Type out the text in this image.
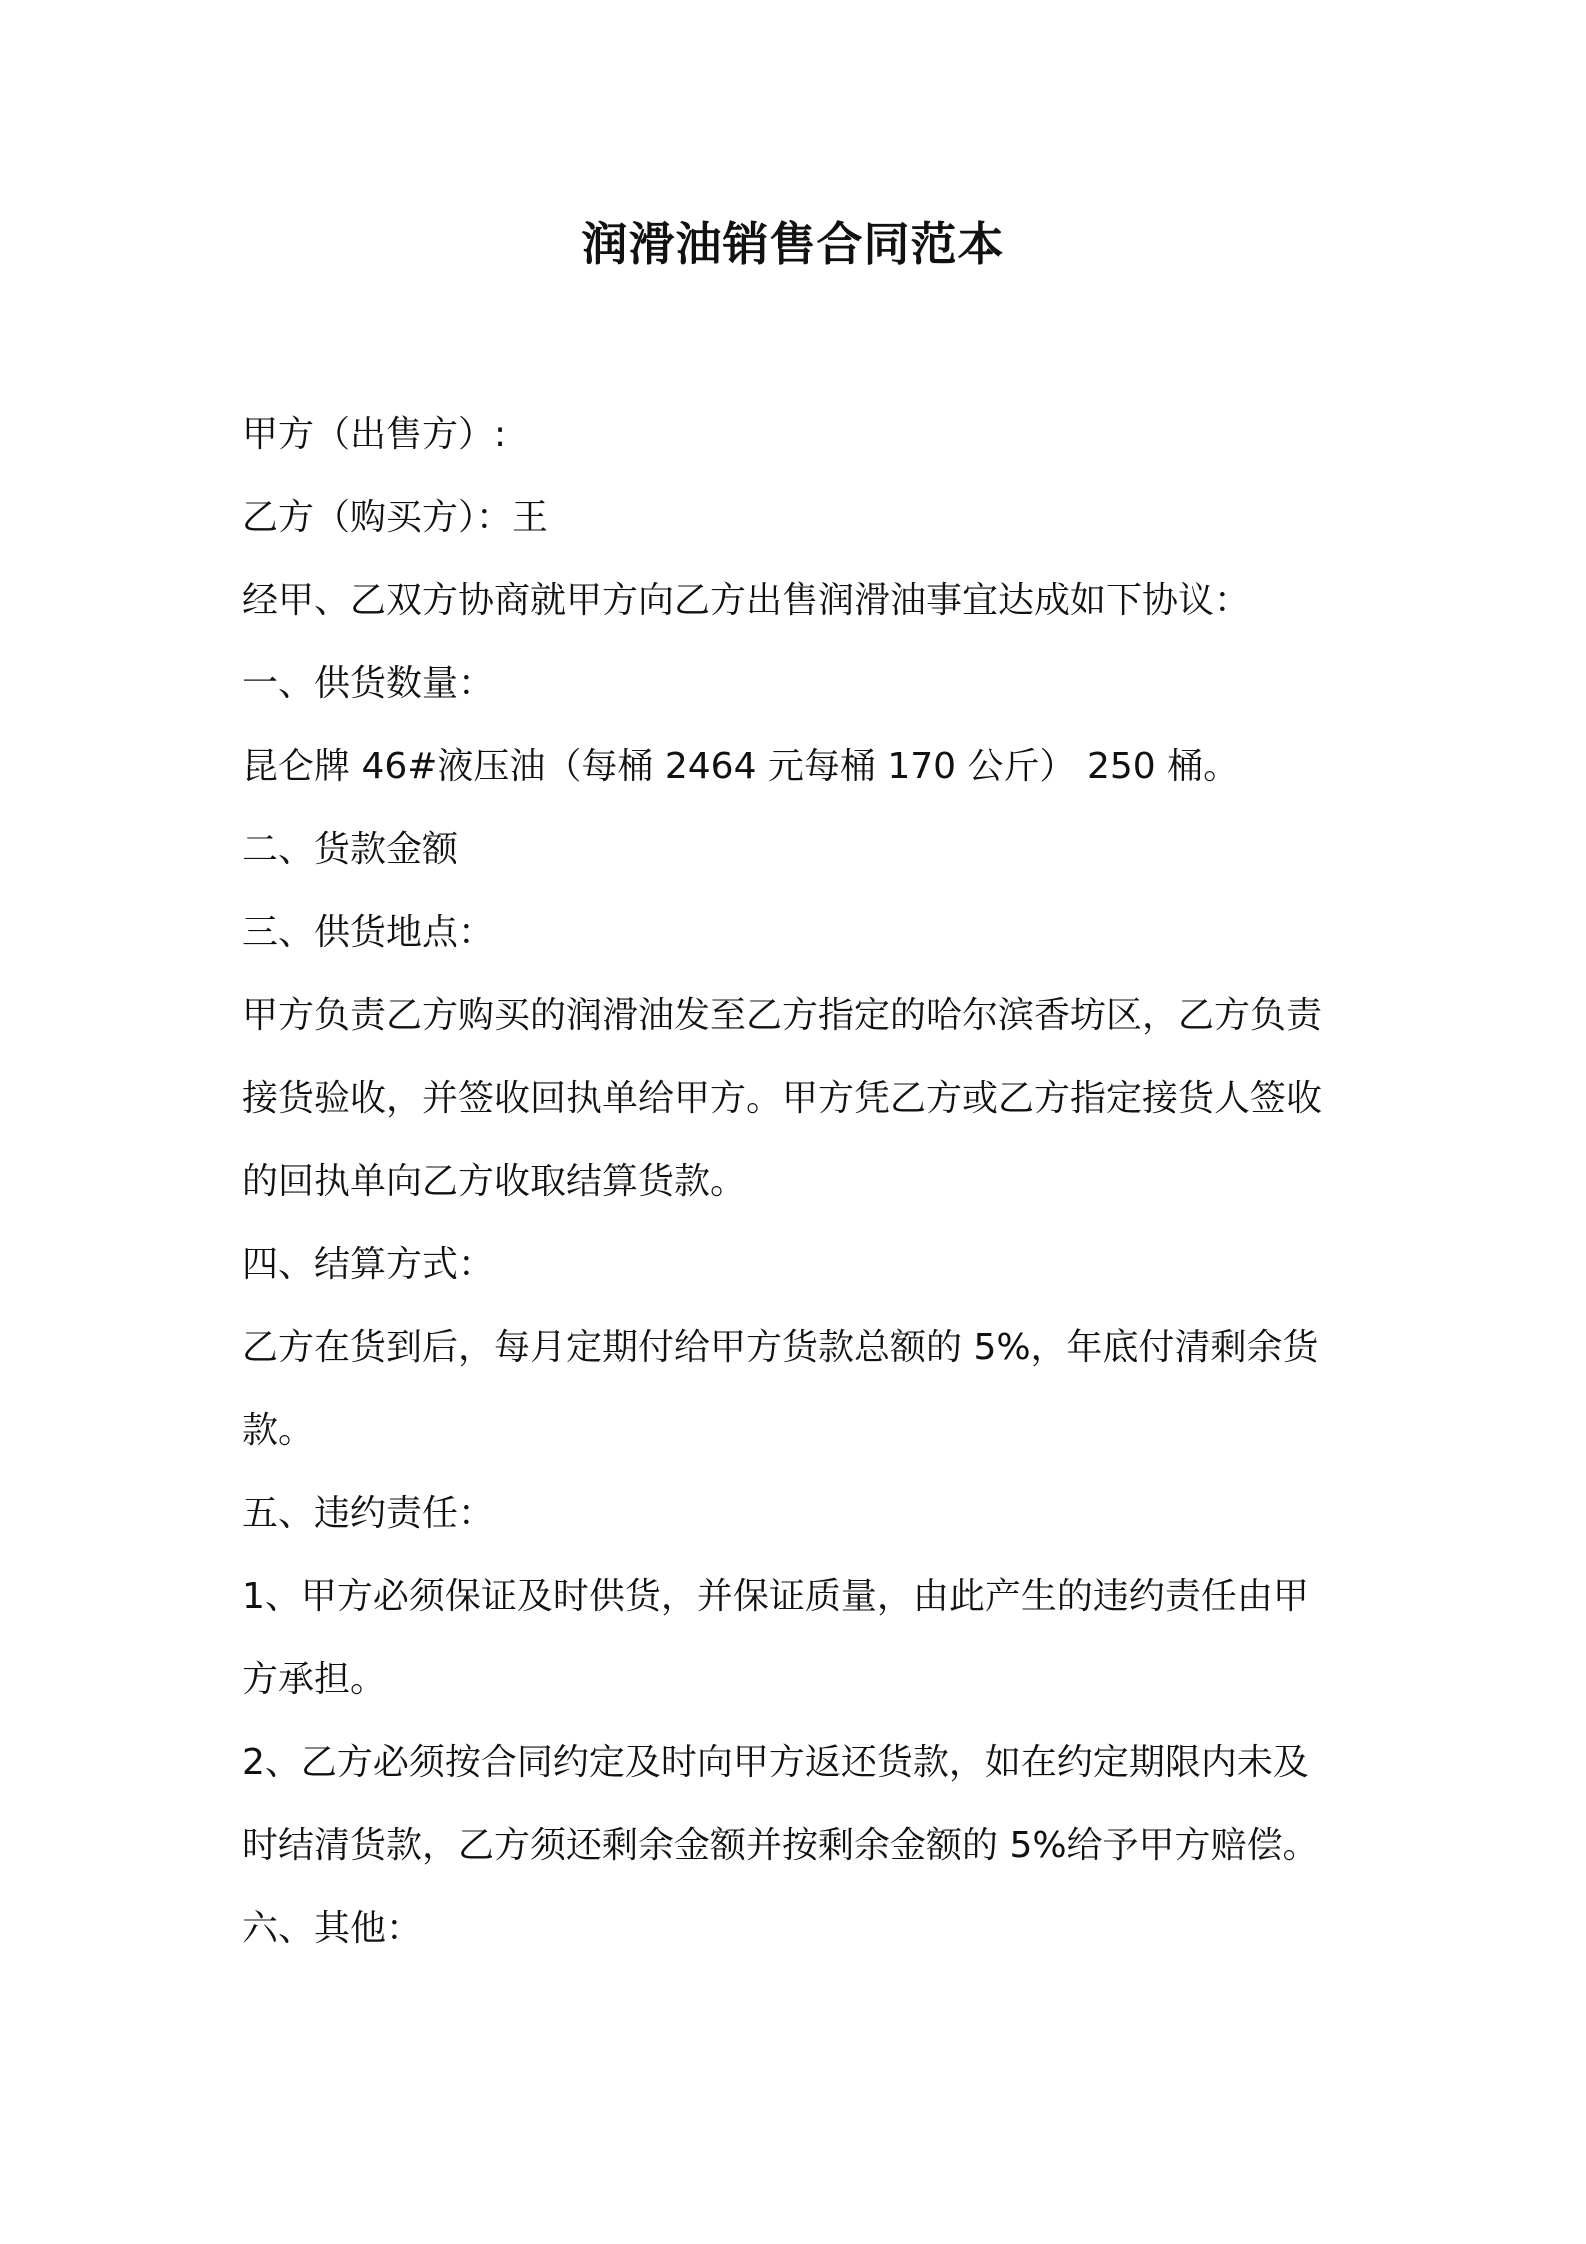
润滑油销售合同范本
甲方（出售方）:
乙方（购买方）：王
经甲、乙双方协商就甲方向乙方出售润滑油事宜达成如下协议：
一、供货数量：
昆仑牌 46#液压油（每桶 2464 元每桶 170 公斤） 250 桶。
二、货款金额
三、供货地点：
甲方负责乙方购买的润滑油发至乙方指定的哈尔滨香坊区，乙方负责
接货验收，并签收回执单给甲方。甲方凭乙方或乙方指定接货人签收
的回执单向乙方收取结算货款。
四、结算方式：
乙方在货到后，每月定期付给甲方货款总额的 5%，年底付清剩余货
款。
五、违约责任：
1、甲方必须保证及时供货，并保证质量，由此产生的违约责任由甲
方承担。
2、乙方必须按合同约定及时向甲方返还货款，如在约定期限内未及
时结清货款，乙方须还剩余金额并按剩余金额的 5%给予甲方赔偿。
六、其他：
